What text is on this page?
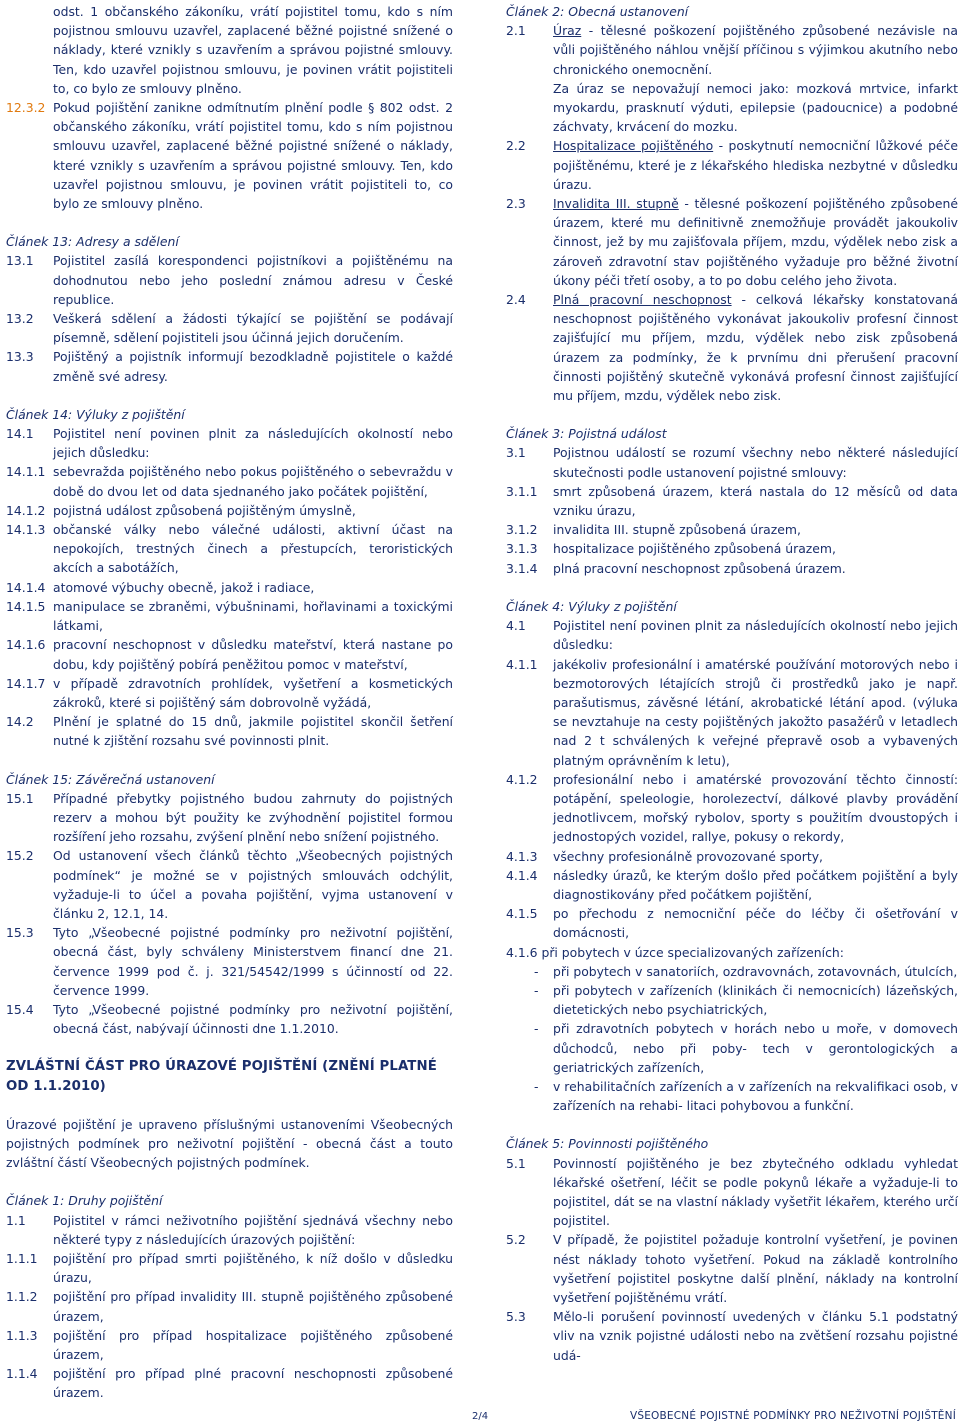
odst. 1 občanského zákoníku, vrátí pojistitel tomu, kdo s ním pojistnou smlouvu uzavřel, zaplacené běžné pojistné snížené o náklady, které vznikly s uzavřením a správou pojistné smlouvy. Ten, kdo uzavřel pojistnou smlouvu, je povinen vrátit pojistiteli to, co bylo ze smlouvy plněno.

12.3.2 Pokud pojištění zanikne odmítnutím plnění podle § 802 odst. 2 občanského zákoníku, vrátí pojistitel tomu, kdo s ním pojistnou smlouvu uzavřel, zaplacené běžné pojistné snížené o náklady, které vznikly s uzavřením a správou pojistné smlouvy. Ten, kdo uzavřel pojistnou smlouvu, je povinen vrátit pojistiteli to, co bylo ze smlouvy plněno.

Článek 13: Adresy a sdělení

13.1	Pojistitel zasílá korespondenci pojistníkovi a pojištěnému na dohodnutou nebo jeho poslední známou adresu v České republice.
13.2	Veškerá sdělení a žádosti týkající se pojištění se podávají písemně, sdělení pojistiteli jsou účinná jejich doručením.
13.3	Pojištěný a pojistník informují bezodkladně pojistitele o každé změně své adresy.

Článek 14: Výluky z pojištění

14.1	Pojistitel není povinen plnit za následujících okolností nebo jejich důsledku:
14.1.1 sebevražda pojištěného nebo pokus pojištěného o sebevraždu v době do dvou let od data sjednaného jako počátek pojištění,
14.1.2 pojistná událost způsobená pojištěným úmyslně,
14.1.3 občanské války nebo válečné události, aktivní účast na nepokojích, trestných činech a přestupcích, teroristických akcích a sabotážích,
14.1.4 atomové výbuchy obecně, jakož i radiace,
14.1.5 manipulace se zbraněmi, výbušninami, hořlavinami a toxickými látkami,
14.1.6 pracovní neschopnost v důsledku mateřství, která nastane po dobu, kdy pojištěný pobírá peněžitou pomoc v mateřství,
14.1.7 v případě zdravotních prohlídek, vyšetření a kosmetických zákroků, které si pojištěný sám dobrovolně vyžádá,
14.2	Plnění je splatné do 15 dnů, jakmile pojistitel skončil šetření nutné k zjištění rozsahu své povinnosti plnit.

Článek 15: Závěrečná ustanovení

15.1	Případné přebytky pojistného budou zahrnuty do pojistných rezerv a mohou být použity ke zvýhodnění pojistitel formou rozšíření jeho rozsahu, zvýšení plnění nebo snížení pojistného.
15.2	Od ustanovení všech článků těchto „Všeobecných pojistných podmínek“ je možné se v pojistných smlouvách odchýlit, vyžaduje-li to účel a povaha pojištění, vyjma ustanovení v článku 2, 12.1, 14.
15.3	Tyto „Všeobecné pojistné podmínky pro neživotní pojištění, obecná část, byly schváleny Ministerstvem financí dne 21. července 1999 pod č. j. 321/54542/1999 s účinností od 22. července 1999.
15.4	Tyto „Všeobecné pojistné podmínky pro neživotní pojištění, obecná část, nabývají účinnosti dne 1.1.2010.

ZVLÁŠTNÍ ČÁST PRO ÚRAZOVÉ POJIŠTĚNÍ (ZNĚNÍ PLATNÉ OD 1.1.2010)

Úrazové pojištění je upraveno příslušnými ustanoveními Všeobecných pojistných podmínek pro neživotní pojištění - obecná část a touto zvláštní částí Všeobecných pojistných podmínek.

Článek 1: Druhy pojištění

1.1	Pojistitel v rámci neživotního pojištění sjednává všechny nebo některé typy z následujících úrazových pojištění:
1.1.1	pojištění pro případ smrti pojištěného, k níž došlo v důsledku úrazu,
1.1.2	pojištění pro případ invalidity III. stupně pojištěného způsobené úrazem,
1.1.3	pojištění pro případ hospitalizace pojištěného způsobené úrazem,
1.1.4	pojištění pro případ plné pracovní neschopnosti způsobené úrazem.

Článek 2: Obecná ustanovení

2.1	Úraz - tělesné poškození pojištěného způsobené nezávisle na vůli pojištěného náhlou vnější příčinou s výjimkou akutního nebo chronického onemocnění.

Za úraz se nepovažují nemoci jako: mozková mrtvice, infarkt myokardu, prasknutí výduti, epilepsie (padoucnice) a podobné záchvaty, krvácení do mozku.

2.2	Hospitalizace pojištěného - poskytnutí nemocniční lůžkové péče pojištěnému, které je z lékařského hlediska nezbytné v důsledku úrazu.
2.3	Invalidita III. stupně - tělesné poškození pojištěného způsobené úrazem, které mu definitivně znemožňuje provádět jakoukoliv činnost, jež by mu zajišťovala příjem, mzdu, výdělek nebo zisk a zároveň zdravotní stav pojištěného vyžaduje pro běžné životní úkony péči třetí osoby, a to po dobu celého jeho života.
2.4	Plná pracovní neschopnost - celková lékařsky konstatovaná neschopnost pojištěného vykonávat jakoukoliv profesní činnost zajišťující mu příjem, mzdu, výdělek nebo zisk způsobená úrazem za podmínky, že k prvnímu dni přerušení pracovní činnosti pojištěný skutečně vykonává profesní činnost zajišťující mu příjem, mzdu, výdělek nebo zisk.

Článek 3: Pojistná událost

3.1	Pojistnou událostí se rozumí všechny nebo některé následující skutečnosti podle ustanovení pojistné smlouvy:
3.1.1	smrt způsobená úrazem, která nastala do 12 měsíců od data vzniku úrazu,
3.1.2	invalidita III. stupně způsobená úrazem,
3.1.3	hospitalizace pojištěného způsobená úrazem,
3.1.4	plná pracovní neschopnost způsobená úrazem.

Článek 4: Výluky z pojištění

4.1	Pojistitel není povinen plnit za následujících okolností nebo jejich důsledku:
4.1.1	jakékoliv profesionální i amatérské používání motorových nebo i bezmotorových létajících strojů či prostředků jako je např. parašutismus, závěsné létání, akrobatické létání apod. (výluka se nevztahuje na cesty pojištěných jakožto pasažérů v letadlech nad 2 t schválených k veřejné přepravě osob a vybavených platným oprávněním k letu),
4.1.2	profesionální nebo i amatérské provozování těchto činností: potápění, speleologie, horolezectví, dálkové plavby provádění jednotlivcem, mořský rybolov, sporty s použitím dvoustopých i jednostopých vozidel, rallye, pokusy o rekordy,
4.1.3	všechny profesionálně provozované sporty,
4.1.4	následky úrazů, ke kterým došlo před počátkem pojištění a byly diagnostikovány před počátkem pojištění,
4.1.5	po přechodu z nemocniční péče do léčby či ošetřování v domácnosti,

4.1.6 při pobytech v úzce specializovaných zařízeních:

-	při pobytech v sanatoriích, ozdravovnách, zotavovnách, útulcích,
-	při pobytech v zařízeních (klinikách či nemocnicích) lázeňských, dietetických nebo psychiatrických,
-	při zdravotních pobytech v horách nebo u moře, v domovech důchodců, nebo při poby- tech v gerontologických a geriatrických zařízeních,
-	v rehabilitačních zařízeních a v zařízeních na rekvalifikaci osob, v zařízeních na rehabi- litaci pohybovou a funkční.

Článek 5: Povinnosti pojištěného

5.1	Povinností pojištěného je bez zbytečného odkladu vyhledat lékařské ošetření, léčit se podle pokynů lékaře a vyžaduje-li to pojistitel, dát se na vlastní náklady vyšetřit lékařem, kterého určí pojistitel.
5.2	V případě, že pojistitel požaduje kontrolní vyšetření, je povinen nést náklady tohoto vyšetření. Pokud na základě kontrolního vyšetření pojistitel poskytne další plnění, náklady na kontrolní vyšetření pojištěnému vrátí.
5.3	Mělo-li porušení povinností uvedených v článku 5.1 podstatný vliv na vznik pojistné události nebo na zvětšení rozsahu pojistné udá-
2/4	VŠEOBECNÉ POJISTNÉ PODMÍNKY PRO NEŽIVOTNÍ POJIŠTĚNÍ
